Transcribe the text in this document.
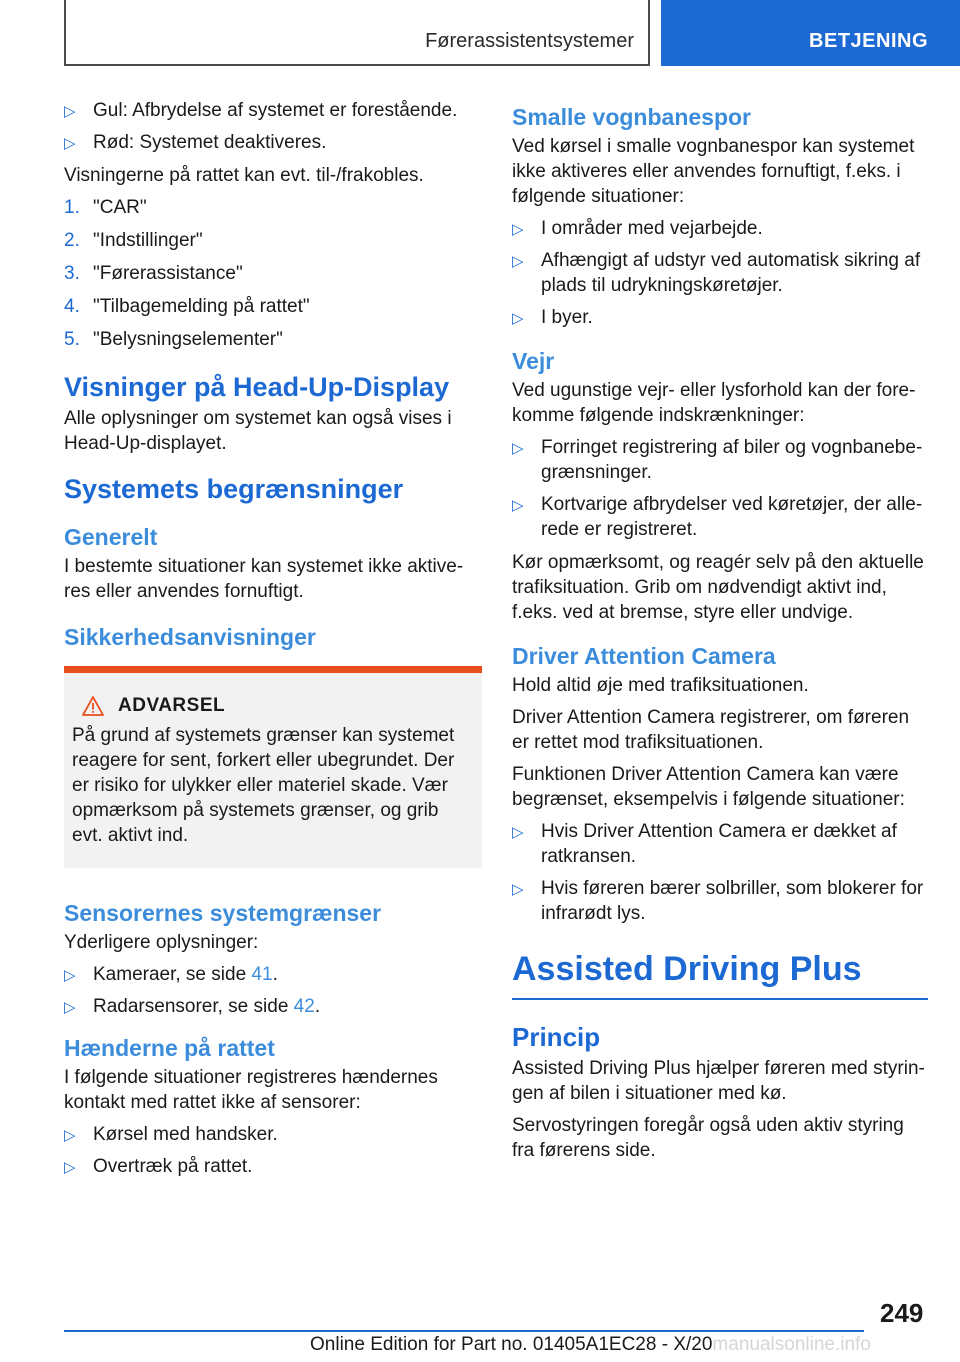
Førerassistentsystemer	BETJENING
▷ Gul: Afbrydelse af systemet er forestående.
▷ Rød: Systemet deaktiveres.

Visningerne på rattet kan evt. til-/frakobles.

1. "CAR"
2. "Indstillinger"
3. "Førerassistance"
4. "Tilbagemelding på rattet"
5. "Belysningselementer"
Visninger på Head-Up-Display

Alle oplysninger om systemet kan også vises i Head-Up-displayet.

Systemets begrænsninger
Generelt

I bestemte situationer kan systemet ikke aktive-res eller anvendes fornuftigt.

Sikkerhedsanvisninger
ADVARSEL

På grund af systemets grænser kan systemet reagere for sent, forkert eller ubegrundet. Der er risiko for ulykker eller materiel skade. Vær opmærksom på systemets grænser, og grib evt. aktivt ind.

Sensorernes systemgrænser

Yderligere oplysninger:

▷ Kameraer, se side 41.
▷ Radarsensorer, se side 42.
Hænderne på rattet

I følgende situationer registreres hændernes kontakt med rattet ikke af sensorer:

▷ Kørsel med handsker.
▷ Overtræk på rattet.
Smalle vognbanespor

Ved kørsel i smalle vognbanespor kan systemet ikke aktiveres eller anvendes fornuftigt, f.eks. i følgende situationer:

▷ I områder med vejarbejde.
▷ Afhængigt af udstyr ved automatisk sikring af plads til udrykningskøretøjer.
▷ I byer.
Vejr

Ved ugunstige vejr- eller lysforhold kan der fore-komme følgende indskrænkninger:

▷ Forringet registrering af biler og vognbanebe-grænsninger.
▷ Kortvarige afbrydelser ved køretøjer, der alle-rede er registreret.

Kør opmærksomt, og reagér selv på den aktuelle trafiksituation. Grib om nødvendigt aktivt ind, f.eks. ved at bremse, styre eller undvige.

Driver Attention Camera

Hold altid øje med trafiksituationen.

Driver Attention Camera registrerer, om føreren er rettet mod trafiksituationen.

Funktionen Driver Attention Camera kan være begrænset, eksempelvis i følgende situationer:

▷ Hvis Driver Attention Camera er dækket af ratkransen.
▷ Hvis føreren bærer solbriller, som blokerer for infrarødt lys.
Assisted Driving Plus
Princip

Assisted Driving Plus hjælper føreren med styrin-gen af bilen i situationer med kø.

Servostyringen foregår også uden aktiv styring fra førerens side.

249
Online Edition for Part no. 01405A1EC28 - X/20manualsonline.info
